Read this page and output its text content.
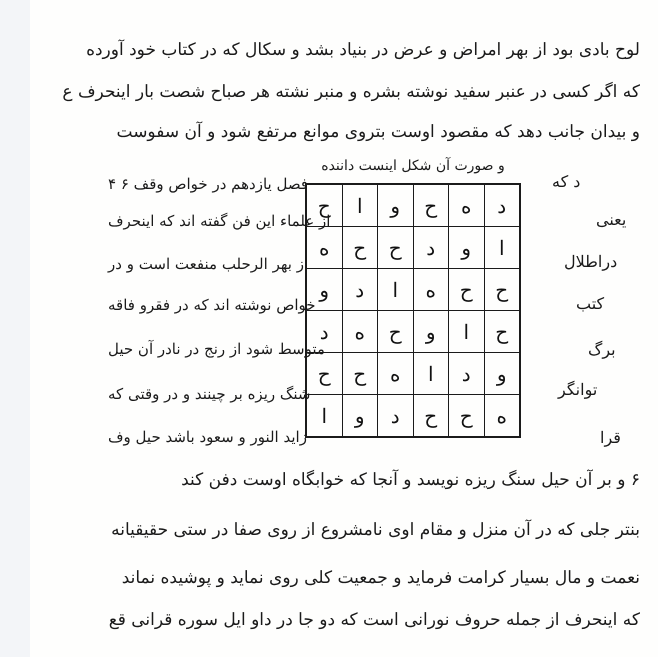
لوح بادی بود از بهر امراض و عرض در بنیاد بشد و سکال که در کتاب خود آورده
که اگر کسی در عنبر سفید نوشته بشره و منبر نشته هر صباح شصت بار اینحرف ع
و بیدان جانب دهد که مقصود اوست بتروی موانع مرتفع شود و آن سفوست
و صورت آن شکل اینست داننده
ح	ا	و	ح	ه	د
ه	ح	ح	د	و	ا
و	د	ا	ه	ح	ح
د	ه	ح	و	ا	ح
ح	ح	ه	ا	د	و
ا	و	د	ح	ح	ه
د که
یعنی
دراطلال
کتب
برگ
توانگر
قرا
فصل یازدهم در خواص وقف ۶ ۴
از علماء این فن گفته اند که اینحرف
از بهر الرحلب منفعت است و در
خواص نوشته اند که در فقرو فاقه
متوسط شود از رنج در نادر آن حیل
شنگ ریزه بر چینند و در وقتی که
زاید النور و سعود باشد حیل وف
۶ و بر آن حیل سنگ ریزه نویسد و آنجا که خوابگاه اوست دفن کند
بنتر جلی که در آن منزل و مقام اوی نامشروع از روی صفا در ستی حقیقیانه
نعمت و مال بسیار کرامت فرماید و جمعیت کلی روی نماید و پوشیده نماند
که اینحرف از جمله حروف نورانی است که دو جا در داو ایل سوره قرانی قع
